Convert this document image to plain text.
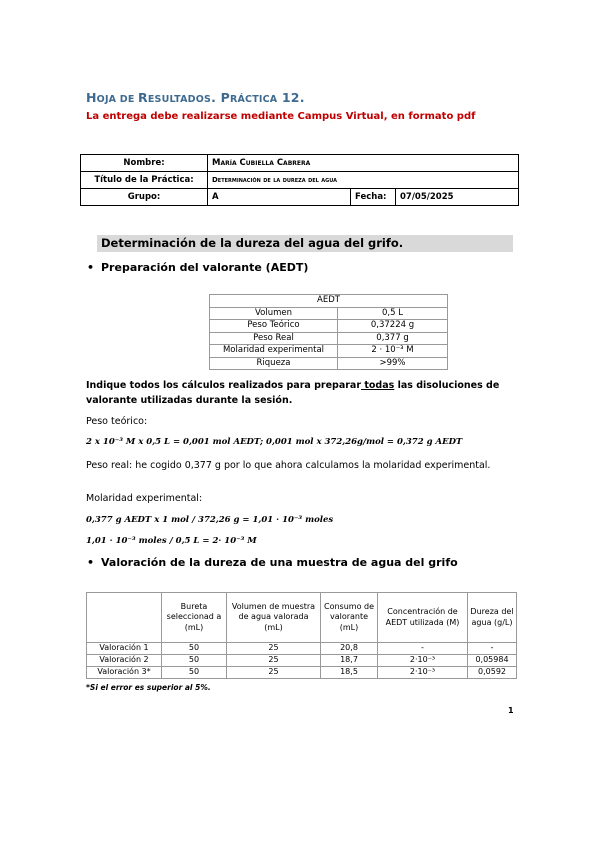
HOJA DE RESULTADOS. PRÁCTICA 12.
La entrega debe realizarse mediante Campus Virtual, en formato pdf
Nombre:	María Cubiella Cabrera		
Título de la Práctica:	Determinación de la dureza del agua		
Grupo:	A	Fecha:	07/05/2025
Determinación de la dureza del agua del grifo.
• Preparación del valorante (AEDT)
AEDT	
Volumen	0,5 L
Peso Teórico	0,37224 g
Peso Real	0,377 g
Molaridad experimental	2 · 10⁻³ M
Riqueza	>99%
Indique todos los cálculos realizados para preparar todas las disoluciones de valorante utilizadas durante la sesión.
Peso teórico:
2 x 10⁻³ M x 0,5 L = 0,001 mol AEDT; 0,001 mol x 372,26g/mol = 0,372 g AEDT
Peso real: he cogido 0,377 g por lo que ahora calculamos la molaridad experimental.
Molaridad experimental:
0,377 g AEDT x 1 mol / 372,26 g = 1,01 · 10⁻³ moles
1,01 · 10⁻³ moles / 0,5 L = 2· 10⁻³ M
• Valoración de la dureza de una muestra de agua del grifo
	Bureta seleccionad a (mL)	Volumen de muestra de agua valorada (mL)	Consumo de valorante (mL)	Concentración de AEDT utilizada (M)	Dureza del agua (g/L)
Valoración 1	50	25	20,8	-	-
Valoración 2	50	25	18,7	2·10⁻³	0,05984
Valoración 3*	50	25	18,5	2·10⁻³	0,0592
*Si el error es superior al 5%.
1
